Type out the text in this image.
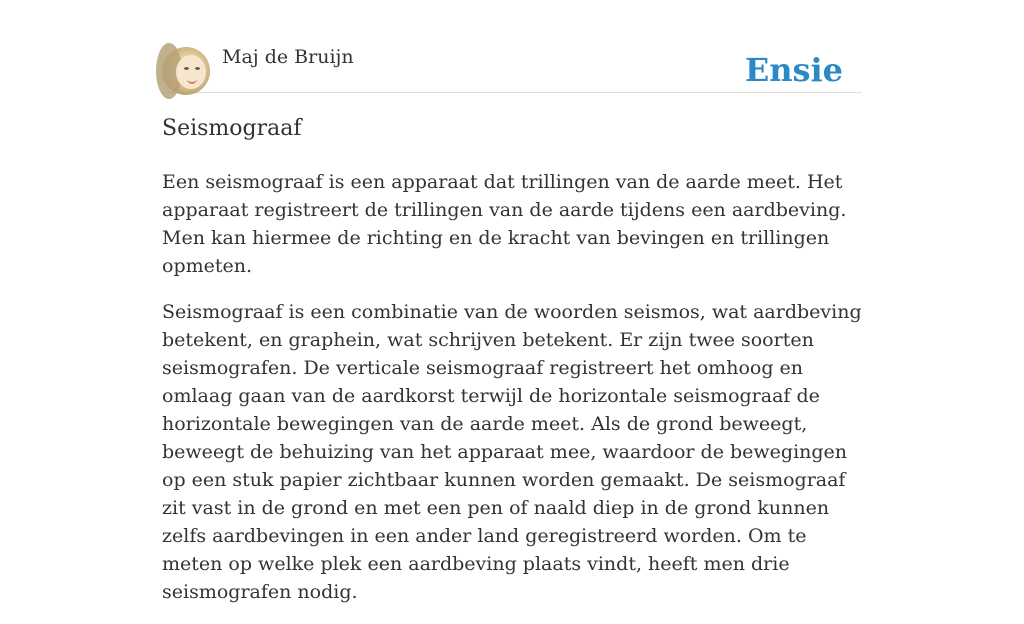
Maj de Bruijn	Ensie
Seismograaf

Een seismograaf is een apparaat dat trillingen van de aarde meet. Het apparaat registreert de trillingen van de aarde tijdens een aardbeving. Men kan hiermee de richting en de kracht van bevingen en trillingen opmeten.

Seismograaf is een combinatie van de woorden seismos, wat aardbeving betekent, en graphein, wat schrijven betekent. Er zijn twee soorten seismografen. De verticale seismograaf registreert het omhoog en omlaag gaan van de aardkorst terwijl de horizontale seismograaf de horizontale bewegingen van de aarde meet. Als de grond beweegt, beweegt de behuizing van het apparaat mee, waardoor de bewegingen op een stuk papier zichtbaar kunnen worden gemaakt. De seismograaf zit vast in de grond en met een pen of naald diep in de grond kunnen zelfs aardbevingen in een ander land geregistreerd worden. Om te meten op welke plek een aardbeving plaats vindt, heeft men drie seismografen nodig.
